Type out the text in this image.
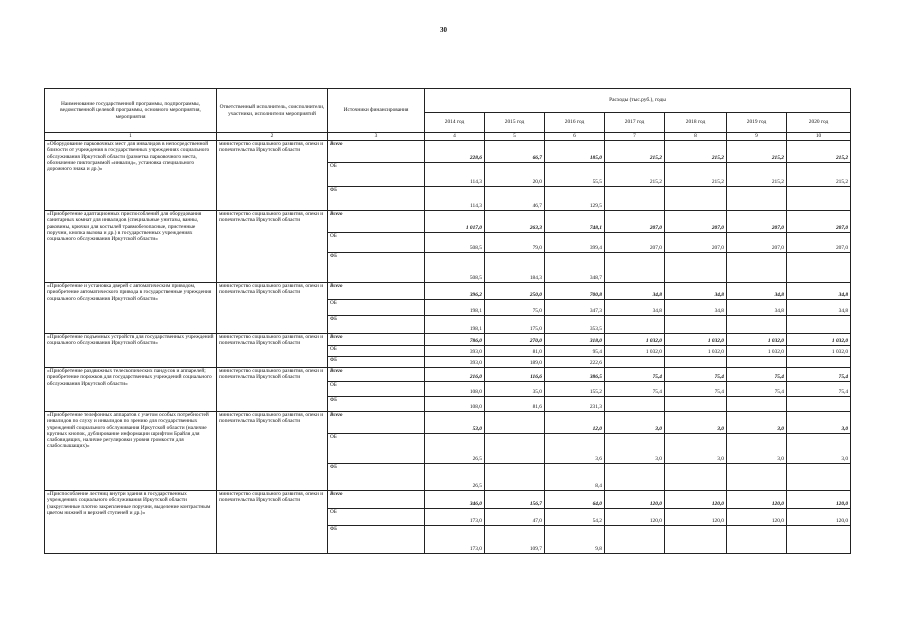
30
Наименование государственной программы, подпрограммы, ведомственной целевой программы, основного мероприятия, мероприятия	Ответственный исполнитель, соисполнители, участники, исполнители мероприятий	Источники финансирования	Расходы (тыс.руб.), годы						
			2014 год	2015 год	2016 год	2017 год	2018 год	2019 год	2020 год
1	2	3	4	5	6	7	8	9	10
«Оборудование парковочных мест для инвалидов в непосредственной близости от учреждения в государственных учреждениях социального обслуживания Иркутской области (разметка парковочного места, обозначение пиктограммой «инвалид», установка специального дорожного знака и др.)»	министерство социального развития, опеки и попечительства Иркутской области	Всего	228,6	66,7	185,0	215,2	215,2	215,2	215,2
		ОБ	114,3	20,0	55,5	215,2	215,2	215,2	215,2
		ФБ	114,3	46,7	129,5				
«Приобретение адаптационных приспособлений для оборудования санитарных комнат для инвалидов (специальные унитазы, ванны, раковины, крючки для костылей травмобезопасные, пристенные поручни, кнопка вызова и др.) в государственных учреждениях социального обслуживания Иркутской области»	министерство социального развития, опеки и попечительства Иркутской области	Всего	1 017,0	263,3	748,1	207,0	207,0	207,0	207,0
		ОБ	508,5	79,0	399,4	207,0	207,0	207,0	207,0
		ФБ	508,5	184,3	348,7				
«Приобретение и установка дверей с автоматическим приводом, приобретение автоматического привода в государственные учреждения социального обслуживания Иркутской области»	министерство социального развития, опеки и попечительства Иркутской области	Всего	396,2	250,0	700,8	34,8	34,8	34,8	34,8
		ОБ	198,1	75,0	347,3	34,8	34,8	34,8	34,8
		ФБ	198,1	175,0	353,5				
«Приобретение подъемных устройств для государственных учреждений социального обслуживания Иркутской области»	министерство социального развития, опеки и попечительства Иркутской области	Всего	786,0	270,0	318,0	1 032,0	1 032,0	1 032,0	1 032,0
		ОБ	393,0	81,0	95,4	1 032,0	1 032,0	1 032,0	1 032,0
		ФБ	393,0	189,0	222,6				
«Приобретение раздвижных телескопических пандусов и аппарелей; приобретение порожков для государственных учреждений социального обслуживания Иркутской области»	министерство социального развития, опеки и попечительства Иркутской области	Всего	216,0	116,6	386,5	75,4	75,4	75,4	75,4
		ОБ	108,0	35,0	155,2	75,4	75,4	75,4	75,4
		ФБ	108,0	81,6	231,3				
«Приобретение телефонных аппаратов с учетом особых потребностей инвалидов по слуху и инвалидов по зрению для государственных учреждений социального обслуживания Иркутской области (наличие крупных кнопок, дублирование информации шрифтом Брайля для слабовидящих, наличие регулировки уровня громкости для слабослышащих)»	министерство социального развития, опеки и попечительства Иркутской области	Всего	53,0		12,0	3,0	3,0	3,0	3,0
		ОБ	26,5		3,6	3,0	3,0	3,0	3,0
		ФБ	26,5		8,4				
«Приспособление лестниц внутри здания в государственных учреждениях социального обслуживания Иркутской области (закругленные плотно закрепленные поручни, выделение контрастным цветом нижней и верхней ступеней и др.)»	министерство социального развития, опеки и попечительства Иркутской области	Всего	346,0	156,7	64,0	120,0	120,0	120,0	120,0
		ОБ	173,0	47,0	54,2	120,0	120,0	120,0	120,0
		ФБ	173,0	109,7	9,8				
